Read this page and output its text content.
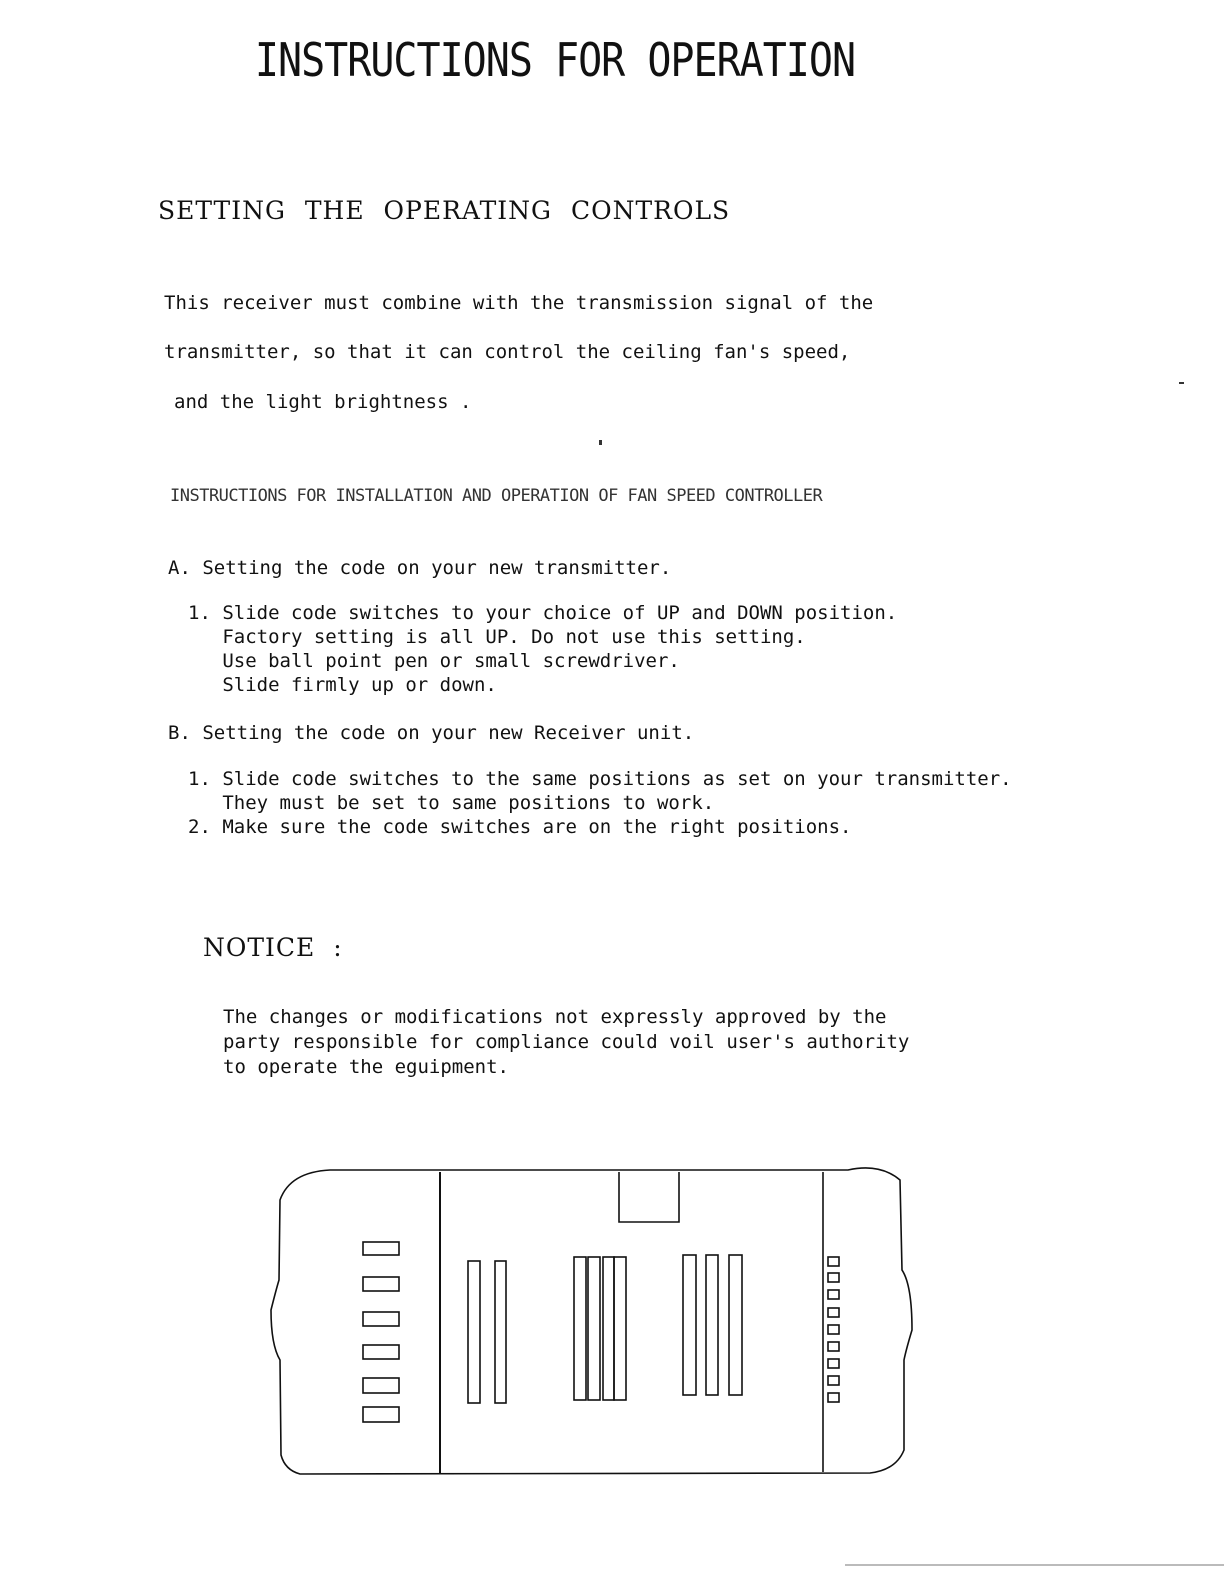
INSTRUCTIONS FOR OPERATION
SETTING THE OPERATING CONTROLS
This receiver must combine with the transmission signal of the
transmitter, so that it can control the ceiling fan's speed,
and the light brightness .
INSTRUCTIONS FOR INSTALLATION AND OPERATION OF FAN SPEED CONTROLLER
A. Setting the code on your new transmitter.
1. Slide code switches to your choice of UP and DOWN position.
Factory setting is all UP. Do not use this setting.
Use ball point pen or small screwdriver.
Slide firmly up or down.
B. Setting the code on your new Receiver unit.
1. Slide code switches to the same positions as set on your transmitter.
They must be set to same positions to work.
2. Make sure the code switches are on the right positions.
NOTICE  :
The changes or modifications not expressly approved by the
party responsible for compliance could voil user's authority
to operate the eguipment.
